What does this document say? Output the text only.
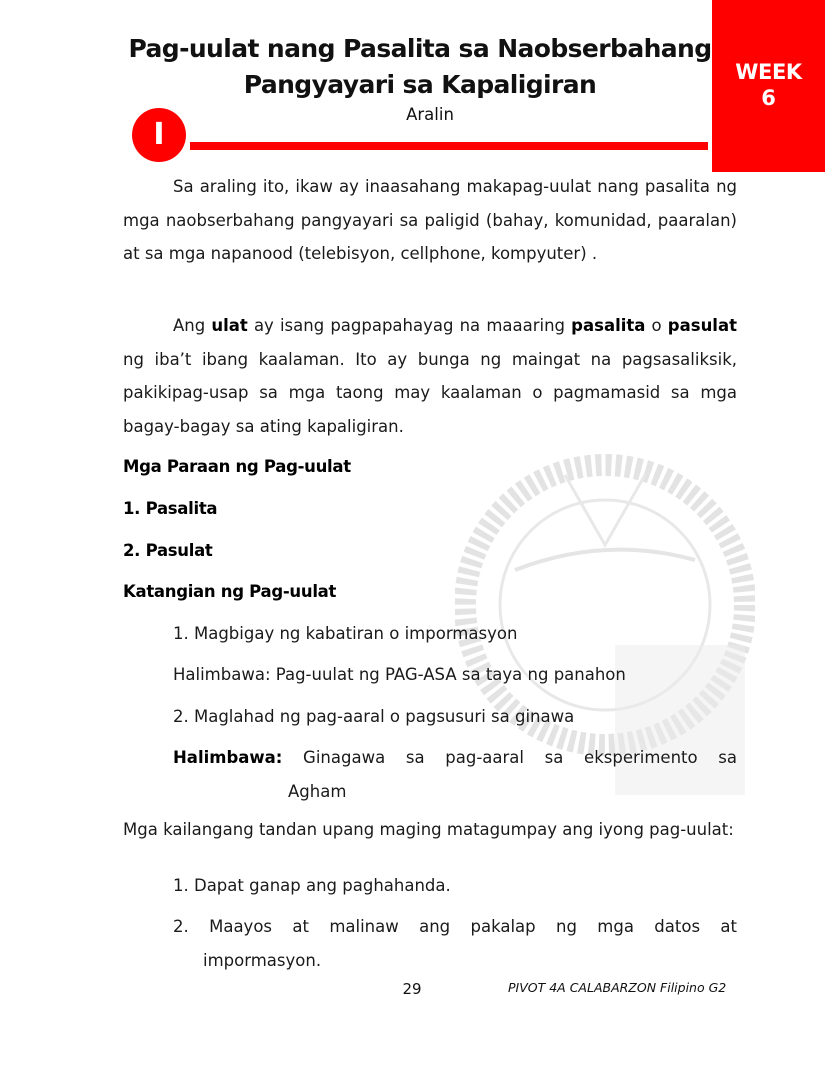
Pag-uulat nang Pasalita sa Naobserbahang
Pangyayari sa Kapaligiran
Aralin
WEEK
6
I
Sa araling ito, ikaw ay inaasahang makapag-uulat nang pasalita ng mga naobserbahang pangyayari sa paligid (bahay, komunidad, paaralan) at sa mga napanood (telebisyon, cellphone, kompyuter) .
Ang ulat ay isang pagpapahayag na maaaring pasalita o pasulat ng iba’t ibang kaalaman. Ito ay bunga ng maingat na pagsasaliksik, pakikipag-usap sa mga taong may kaalaman o pagmamasid sa mga bagay-bagay sa ating kapaligiran.
Mga Paraan ng Pag-uulat
1. Pasalita
2. Pasulat
Katangian ng Pag-uulat
1. Magbigay ng kabatiran o impormasyon
Halimbawa: Pag-uulat ng PAG-ASA sa taya ng panahon
2. Maglahad ng pag-aaral o pagsusuri sa ginawa
Halimbawa: Ginagawa sa pag-aaral sa eksperimento sa
Agham
Mga kailangang tandan upang maging matagumpay ang iyong pag-uulat:
1. Dapat ganap ang paghahanda.
2. Maayos at malinaw ang pakalap ng mga datos at
impormasyon.
29	PIVOT 4A CALABARZON Filipino G2
